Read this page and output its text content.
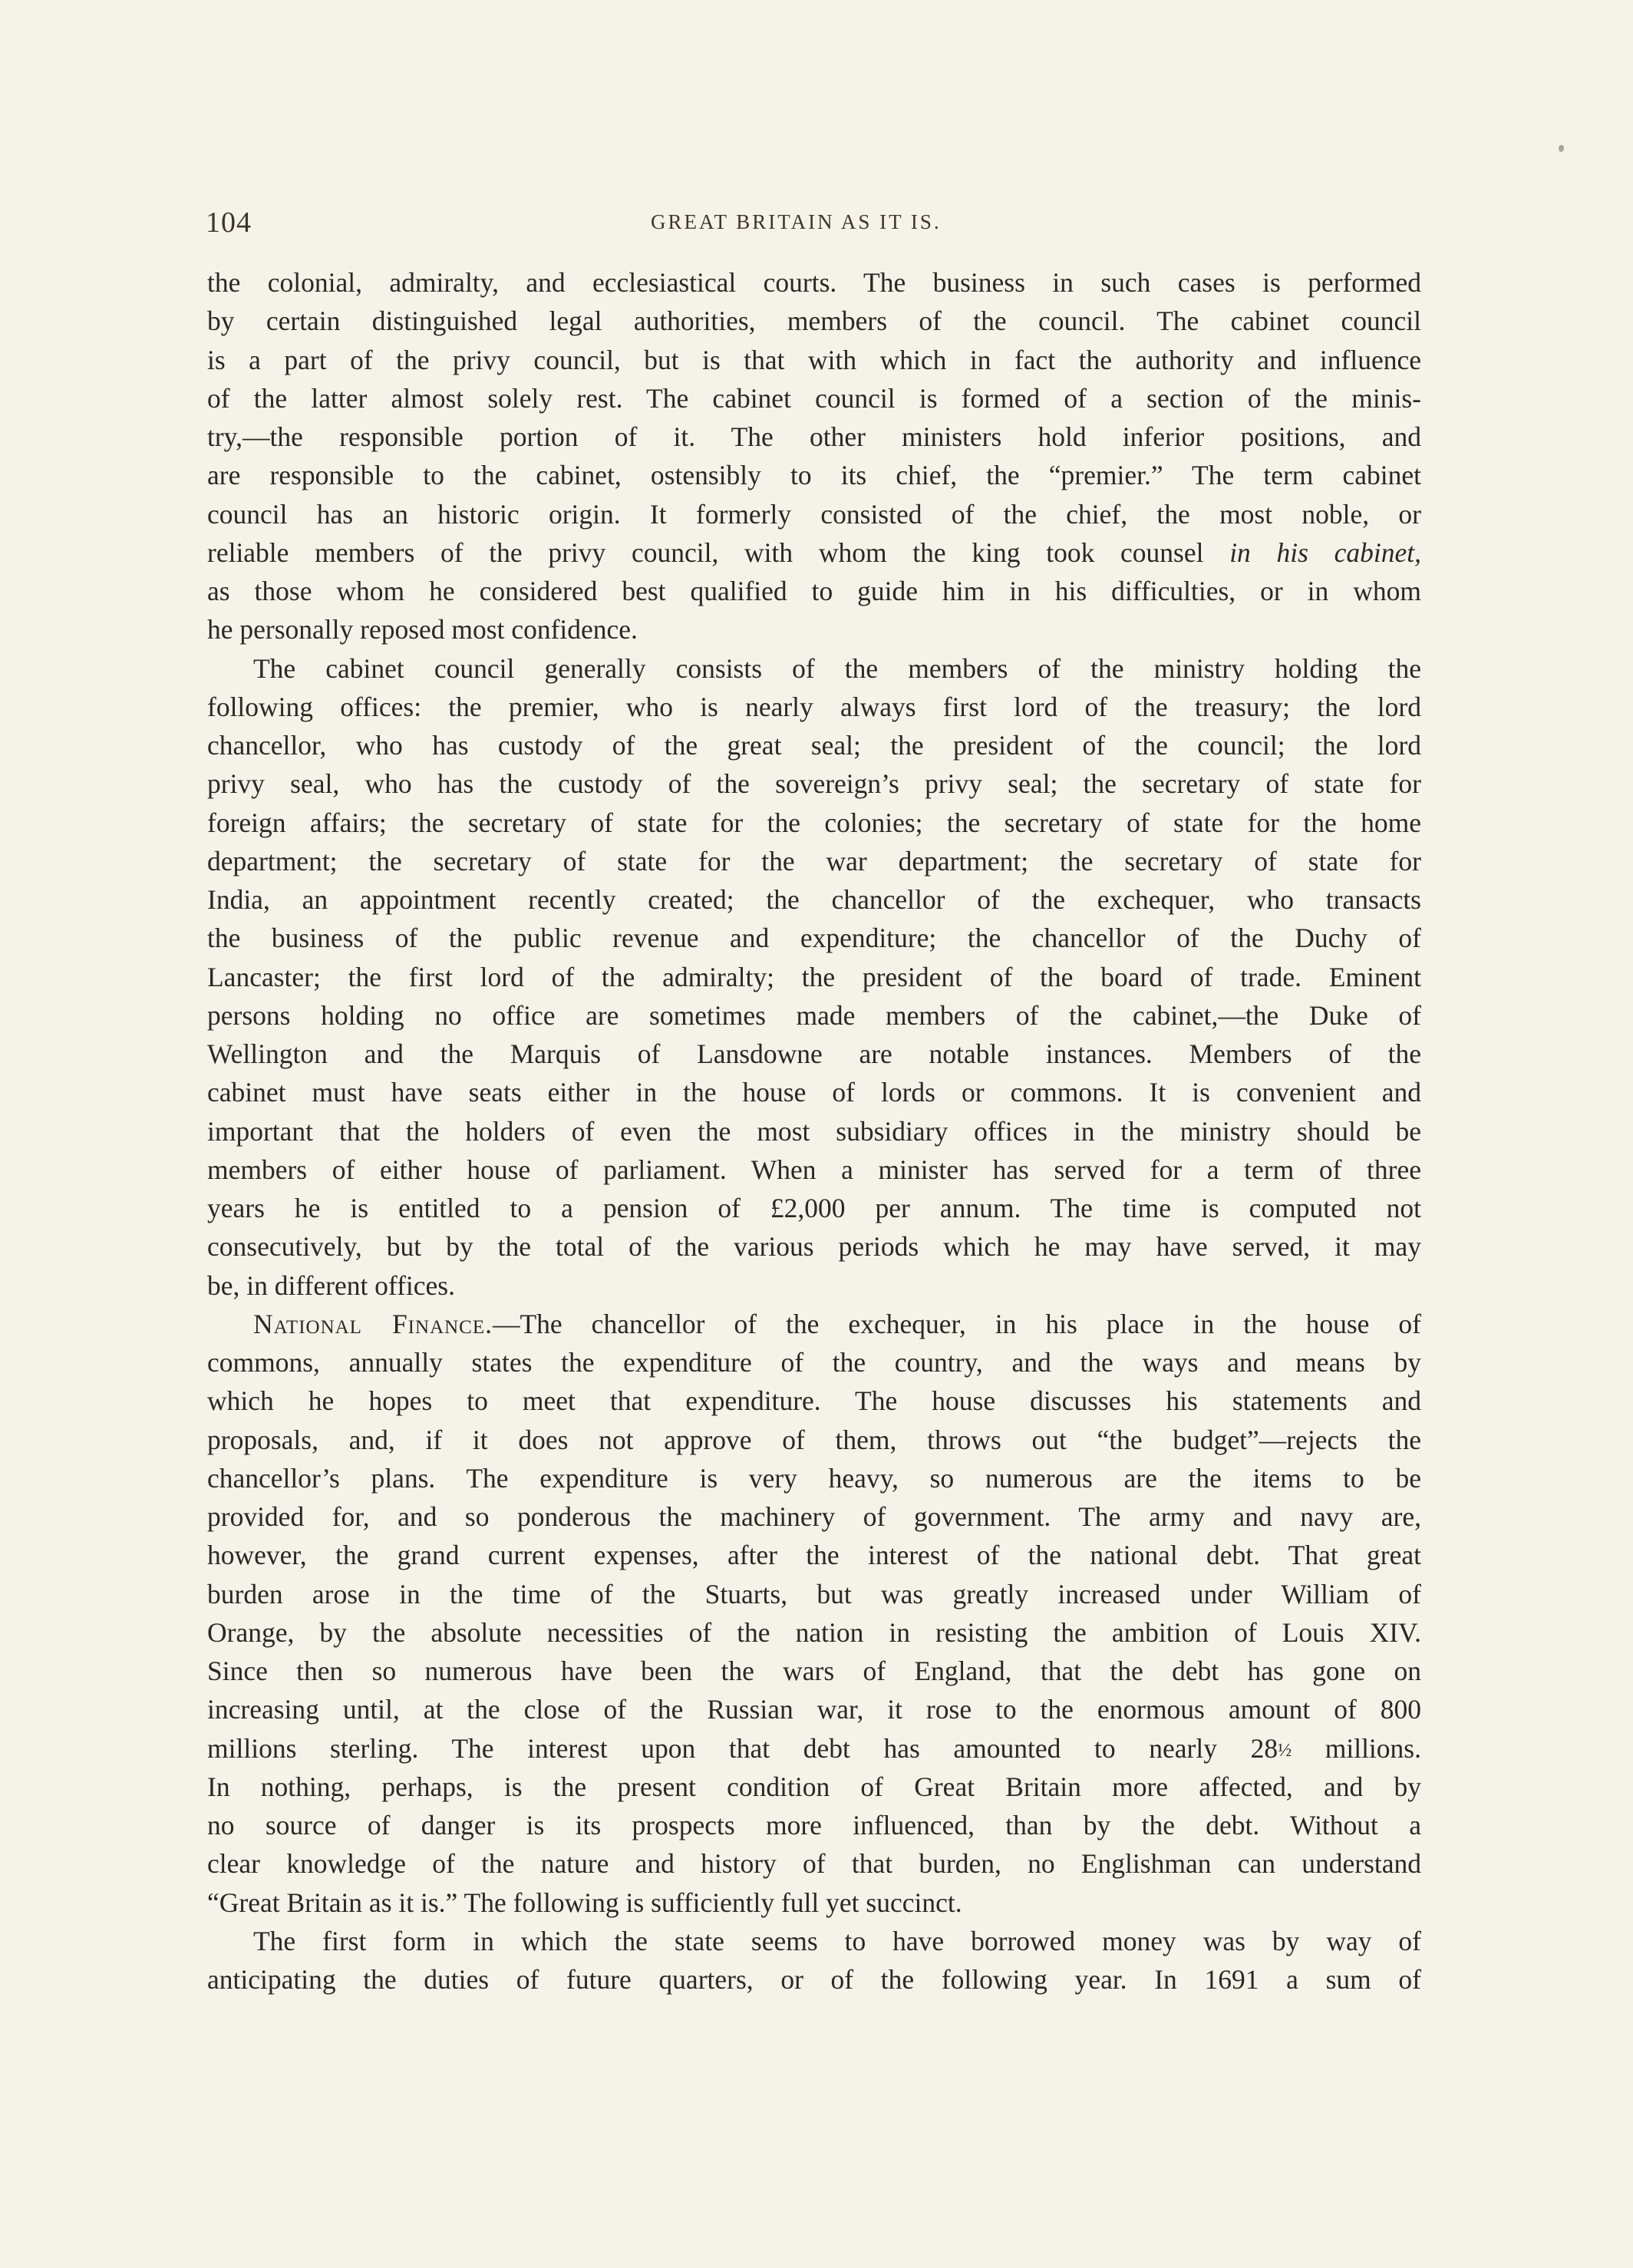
104	GREAT BRITAIN AS IT IS.
the colonial, admiralty, and ecclesiastical courts. The business in such cases is performed
by certain distinguished legal authorities, members of the council. The cabinet council
is a part of the privy council, but is that with which in fact the authority and influence
of the latter almost solely rest. The cabinet council is formed of a section of the minis-
try,—the responsible portion of it. The other ministers hold inferior positions, and
are responsible to the cabinet, ostensibly to its chief, the “premier.” The term cabinet
council has an historic origin. It formerly consisted of the chief, the most noble, or
reliable members of the privy council, with whom the king took counsel in his cabinet,
as those whom he considered best qualified to guide him in his difficulties, or in whom
he personally reposed most confidence.
The cabinet council generally consists of the members of the ministry holding the
following offices: the premier, who is nearly always first lord of the treasury; the lord
chancellor, who has custody of the great seal; the president of the council; the lord
privy seal, who has the custody of the sovereign’s privy seal; the secretary of state for
foreign affairs; the secretary of state for the colonies; the secretary of state for the home
department; the secretary of state for the war department; the secretary of state for
India, an appointment recently created; the chancellor of the exchequer, who transacts
the business of the public revenue and expenditure; the chancellor of the Duchy of
Lancaster; the first lord of the admiralty; the president of the board of trade. Eminent
persons holding no office are sometimes made members of the cabinet,—the Duke of
Wellington and the Marquis of Lansdowne are notable instances. Members of the
cabinet must have seats either in the house of lords or commons. It is convenient and
important that the holders of even the most subsidiary offices in the ministry should be
members of either house of parliament. When a minister has served for a term of three
years he is entitled to a pension of £2,000 per annum. The time is computed not
consecutively, but by the total of the various periods which he may have served, it may
be, in different offices.
National Finance.—The chancellor of the exchequer, in his place in the house of
commons, annually states the expenditure of the country, and the ways and means by
which he hopes to meet that expenditure. The house discusses his statements and
proposals, and, if it does not approve of them, throws out “the budget”—rejects the
chancellor’s plans. The expenditure is very heavy, so numerous are the items to be
provided for, and so ponderous the machinery of government. The army and navy are,
however, the grand current expenses, after the interest of the national debt. That great
burden arose in the time of the Stuarts, but was greatly increased under William of
Orange, by the absolute necessities of the nation in resisting the ambition of Louis XIV.
Since then so numerous have been the wars of England, that the debt has gone on
increasing until, at the close of the Russian war, it rose to the enormous amount of 800
millions sterling. The interest upon that debt has amounted to nearly 28½ millions.
In nothing, perhaps, is the present condition of Great Britain more affected, and by
no source of danger is its prospects more influenced, than by the debt. Without a
clear knowledge of the nature and history of that burden, no Englishman can understand
“Great Britain as it is.” The following is sufficiently full yet succinct.
The first form in which the state seems to have borrowed money was by way of
anticipating the duties of future quarters, or of the following year. In 1691 a sum of
